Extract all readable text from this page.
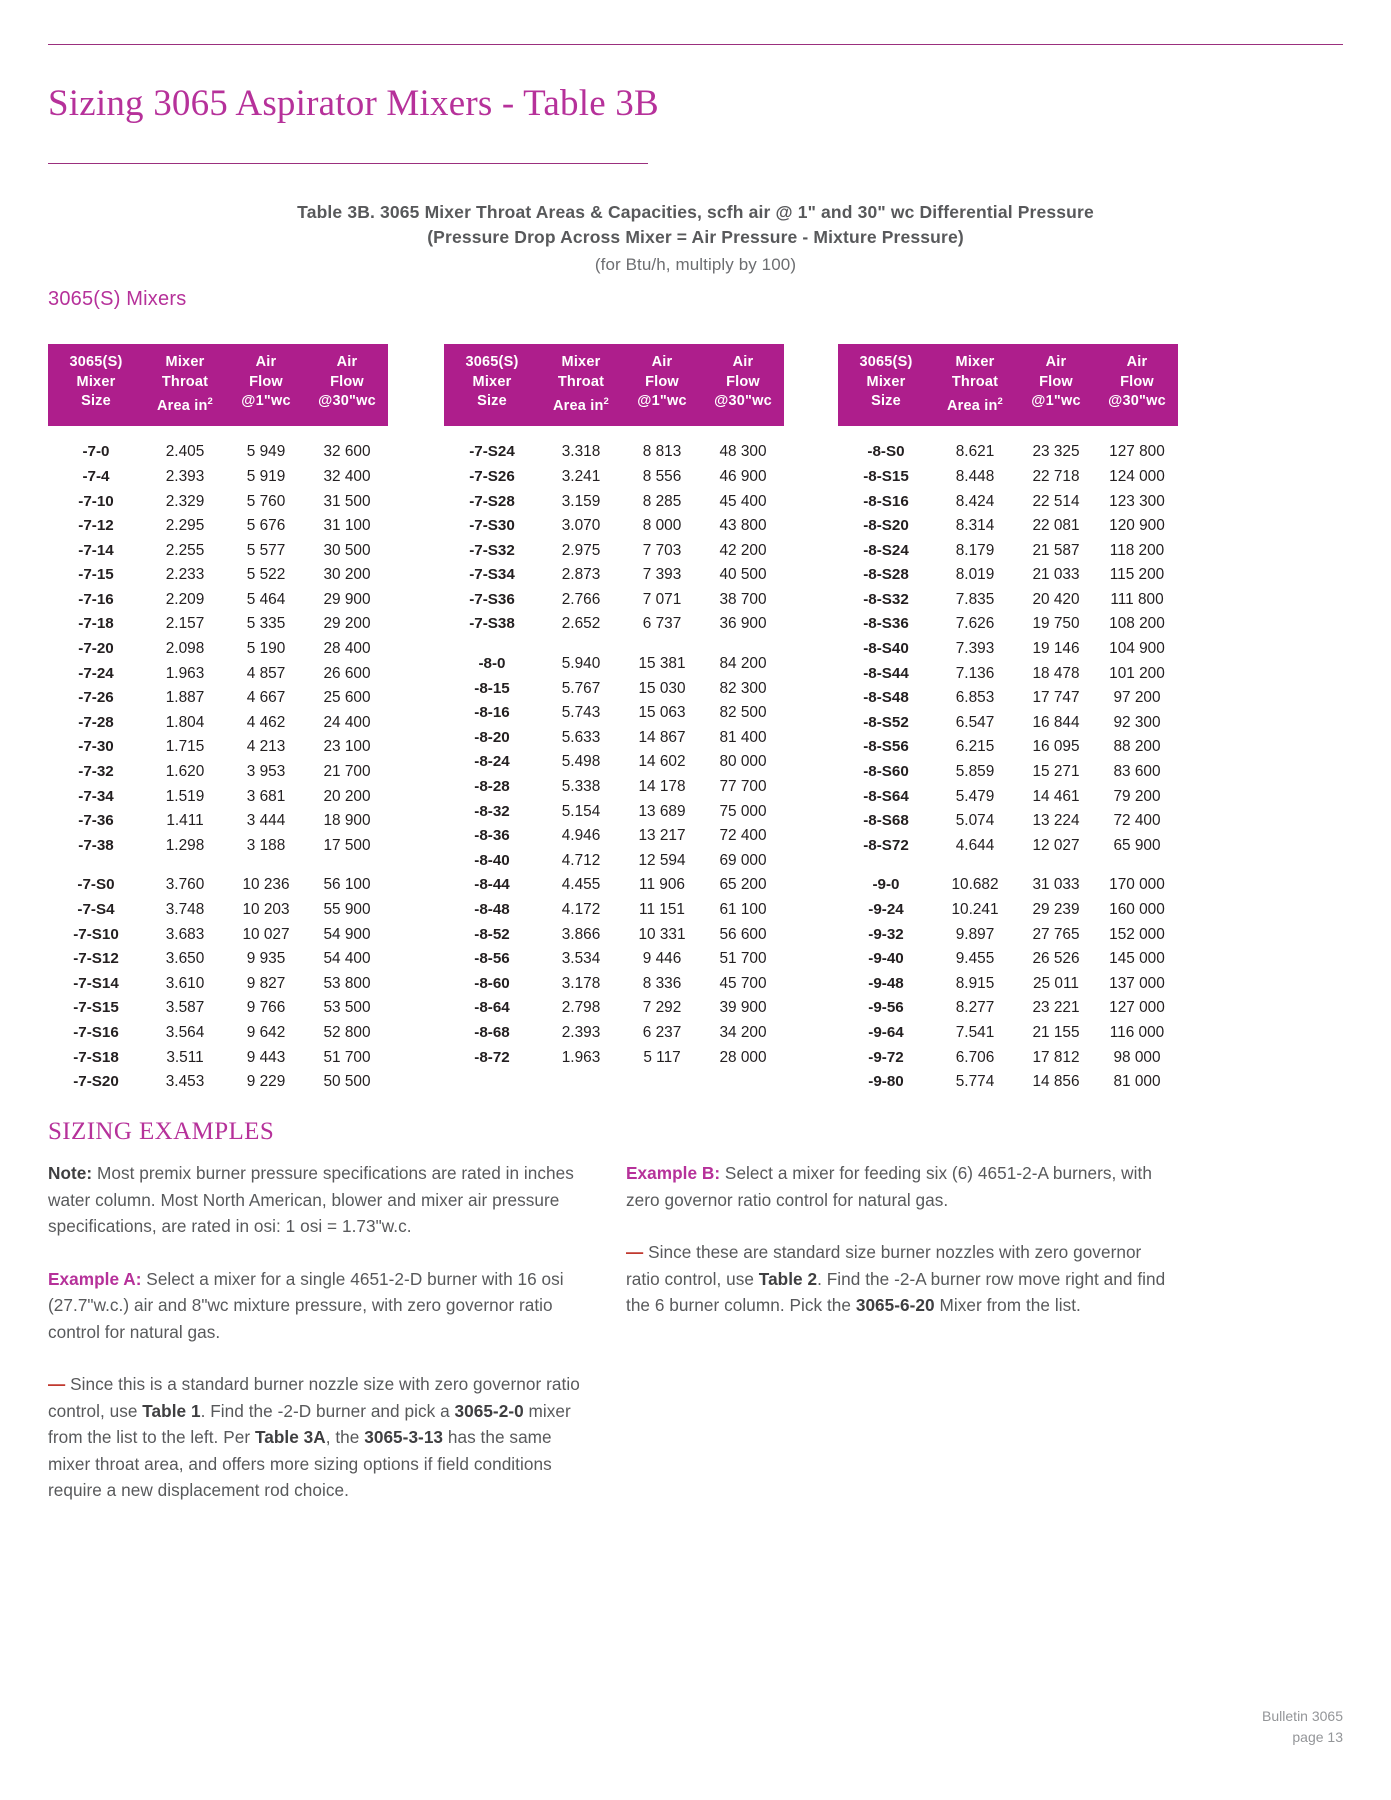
Sizing 3065 Aspirator Mixers - Table 3B
Table 3B. 3065 Mixer Throat Areas & Capacities, scfh air @ 1" and 30" wc Differential Pressure
(Pressure Drop Across Mixer = Air Pressure - Mixture Pressure)
(for Btu/h, multiply by 100)
3065(S) Mixers
3065(S)
Mixer
Size	Mixer
Throat
Area $in^2$	Air
Flow
@1"wc	Air
Flow
@30"wc

-7-0	2.405	5 949	32 600
-7-4	2.393	5 919	32 400
-7-10	2.329	5 760	31 500
-7-12	2.295	5 676	31 100
-7-14	2.255	5 577	30 500
-7-15	2.233	5 522	30 200
-7-16	2.209	5 464	29 900
-7-18	2.157	5 335	29 200
-7-20	2.098	5 190	28 400
-7-24	1.963	4 857	26 600
-7-26	1.887	4 667	25 600
-7-28	1.804	4 462	24 400
-7-30	1.715	4 213	23 100
-7-32	1.620	3 953	21 700
-7-34	1.519	3 681	20 200
-7-36	1.411	3 444	18 900
-7-38	1.298	3 188	17 500

-7-S0	3.760	10 236	56 100
-7-S4	3.748	10 203	55 900
-7-S10	3.683	10 027	54 900
-7-S12	3.650	9 935	54 400
-7-S14	3.610	9 827	53 800
-7-S15	3.587	9 766	53 500
-7-S16	3.564	9 642	52 800
-7-S18	3.511	9 443	51 700
-7-S20	3.453	9 229	50 500
3065(S)
Mixer
Size	Mixer
Throat
Area $in^2$	Air
Flow
@1"wc	Air
Flow
@30"wc

-7-S24	3.318	8 813	48 300
-7-S26	3.241	8 556	46 900
-7-S28	3.159	8 285	45 400
-7-S30	3.070	8 000	43 800
-7-S32	2.975	7 703	42 200
-7-S34	2.873	7 393	40 500
-7-S36	2.766	7 071	38 700
-7-S38	2.652	6 737	36 900

-8-0	5.940	15 381	84 200
-8-15	5.767	15 030	82 300
-8-16	5.743	15 063	82 500
-8-20	5.633	14 867	81 400
-8-24	5.498	14 602	80 000
-8-28	5.338	14 178	77 700
-8-32	5.154	13 689	75 000
-8-36	4.946	13 217	72 400
-8-40	4.712	12 594	69 000
-8-44	4.455	11 906	65 200
-8-48	4.172	11 151	61 100
-8-52	3.866	10 331	56 600
-8-56	3.534	9 446	51 700
-8-60	3.178	8 336	45 700
-8-64	2.798	7 292	39 900
-8-68	2.393	6 237	34 200
-8-72	1.963	5 117	28 000
3065(S)
Mixer
Size	Mixer
Throat
Area $in^2$	Air
Flow
@1"wc	Air
Flow
@30"wc

-8-S0	8.621	23 325	127 800
-8-S15	8.448	22 718	124 000
-8-S16	8.424	22 514	123 300
-8-S20	8.314	22 081	120 900
-8-S24	8.179	21 587	118 200
-8-S28	8.019	21 033	115 200
-8-S32	7.835	20 420	111 800
-8-S36	7.626	19 750	108 200
-8-S40	7.393	19 146	104 900
-8-S44	7.136	18 478	101 200
-8-S48	6.853	17 747	97 200
-8-S52	6.547	16 844	92 300
-8-S56	6.215	16 095	88 200
-8-S60	5.859	15 271	83 600
-8-S64	5.479	14 461	79 200
-8-S68	5.074	13 224	72 400
-8-S72	4.644	12 027	65 900

-9-0	10.682	31 033	170 000
-9-24	10.241	29 239	160 000
-9-32	9.897	27 765	152 000
-9-40	9.455	26 526	145 000
-9-48	8.915	25 011	137 000
-9-56	8.277	23 221	127 000
-9-64	7.541	21 155	116 000
-9-72	6.706	17 812	98 000
-9-80	5.774	14 856	81 000
SIZING EXAMPLES

Note: Most premix burner pressure specifications are rated in inches water column. Most North American, blower and mixer air pressure specifications, are rated in osi: 1 osi = 1.73"w.c.

Example A: Select a mixer for a single 4651-2-D burner with 16 osi (27.7"w.c.) air and 8"wc mixture pressure, with zero governor ratio control for natural gas.

— Since this is a standard burner nozzle size with zero governor ratio control, use Table 1. Find the -2-D burner and pick a 3065-2-0 mixer from the list to the left. Per Table 3A, the 3065-3-13 has the same mixer throat area, and offers more sizing options if field conditions require a new displacement rod choice.

Example B: Select a mixer for feeding six (6) 4651-2-A burners, with zero governor ratio control for natural gas.

— Since these are standard size burner nozzles with zero governor ratio control, use Table 2. Find the -2-A burner row move right and find the 6 burner column. Pick the 3065-6-20 Mixer from the list.

Bulletin 3065
page 13
